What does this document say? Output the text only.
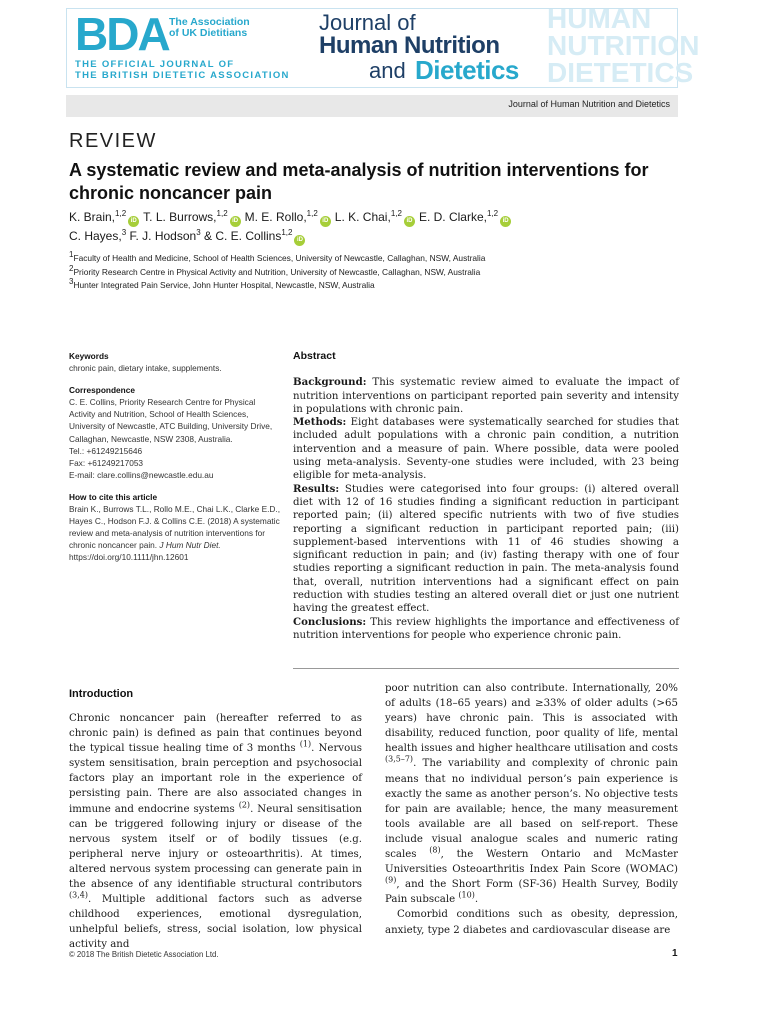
BDA The Association
of UK Dietitians
THE OFFICIAL JOURNAL OF
THE BRITISH DIETETIC ASSOCIATION
Journal of
Human Nutrition
and Dietetics
HUMAN NUTRITION DIETETICS
Journal of Human Nutrition and Dietetics
REVIEW
A systematic review and meta-analysis of nutrition interventions for chronic noncancer pain
K. Brain,$^{1,2}$iD T. L. Burrows,$^{1,2}$iD M. E. Rollo,$^{1,2}$iD L. K. Chai,$^{1,2}$iD E. D. Clarke,$^{1,2}$iD
C. Hayes,$^3$ F. J. Hodson$^3$ & C. E. Collins$^{1,2}$iD
$^1$Faculty of Health and Medicine, School of Health Sciences, University of Newcastle, Callaghan, NSW, Australia
$^2$Priority Research Centre in Physical Activity and Nutrition, University of Newcastle, Callaghan, NSW, Australia
$^3$Hunter Integrated Pain Service, John Hunter Hospital, Newcastle, NSW, Australia
Keywords
chronic pain, dietary intake, supplements.
Correspondence
C. E. Collins, Priority Research Centre for Physical Activity and Nutrition, School of Health Sciences, University of Newcastle, ATC Building, University Drive, Callaghan, Newcastle, NSW 2308, Australia.
Tel.: +61249215646
Fax: +61249217053
E-mail: clare.collins@newcastle.edu.au
How to cite this article
Brain K., Burrows T.L., Rollo M.E., Chai L.K., Clarke E.D., Hayes C., Hodson F.J. & Collins C.E. (2018) A systematic review and meta-analysis of nutrition interventions for chronic noncancer pain. J Hum Nutr Diet.
https://doi.org/10.1111/jhn.12601
Abstract

Background: This systematic review aimed to evaluate the impact of nutrition interventions on participant reported pain severity and intensity in populations with chronic pain.

Methods: Eight databases were systematically searched for studies that included adult populations with a chronic pain condition, a nutrition intervention and a measure of pain. Where possible, data were pooled using meta-analysis. Seventy-one studies were included, with 23 being eligible for meta-analysis.

Results: Studies were categorised into four groups: (i) altered overall diet with 12 of 16 studies finding a significant reduction in participant reported pain; (ii) altered specific nutrients with two of five studies reporting a significant reduction in participant reported pain; (iii) supplement-based interventions with 11 of 46 studies showing a significant reduction in pain; and (iv) fasting therapy with one of four studies reporting a significant reduction in pain. The meta-analysis found that, overall, nutrition interventions had a significant effect on pain reduction with studies testing an altered overall diet or just one nutrient having the greatest effect.

Conclusions: This review highlights the importance and effectiveness of nutrition interventions for people who experience chronic pain.

Introduction

Chronic noncancer pain (hereafter referred to as chronic pain) is defined as pain that continues beyond the typical tissue healing time of 3 months $^{(1)}$. Nervous system sensitisation, brain perception and psychosocial factors play an important role in the experience of persisting pain. There are also associated changes in immune and endocrine systems $^{(2)}$. Neural sensitisation can be triggered following injury or disease of the nervous system itself or of bodily tissues (e.g. peripheral nerve injury or osteoarthritis). At times, altered nervous system processing can generate pain in the absence of any identifiable structural contributors $^{(3,4)}$. Multiple additional factors such as adverse childhood experiences, emotional dysregulation, unhelpful beliefs, stress, social isolation, low physical activity and

poor nutrition can also contribute. Internationally, 20% of adults (18–65 years) and ≥33% of older adults (>65 years) have chronic pain. This is associated with disability, reduced function, poor quality of life, mental health issues and higher healthcare utilisation and costs $^{(3,5-7)}$. The variability and complexity of chronic pain means that no individual person’s pain experience is exactly the same as another person’s. No objective tests for pain are available; hence, the many measurement tools available are all based on self-report. These include visual analogue scales and numeric rating scales $^{(8)}$, the Western Ontario and McMaster Universities Osteoarthritis Index Pain Score (WOMAC) $^{(9)}$, and the Short Form (SF-36) Health Survey, Bodily Pain subscale $^{(10)}$.

Comorbid conditions such as obesity, depression, anxiety, type 2 diabetes and cardiovascular disease are

© 2018 The British Dietetic Association Ltd.	1
